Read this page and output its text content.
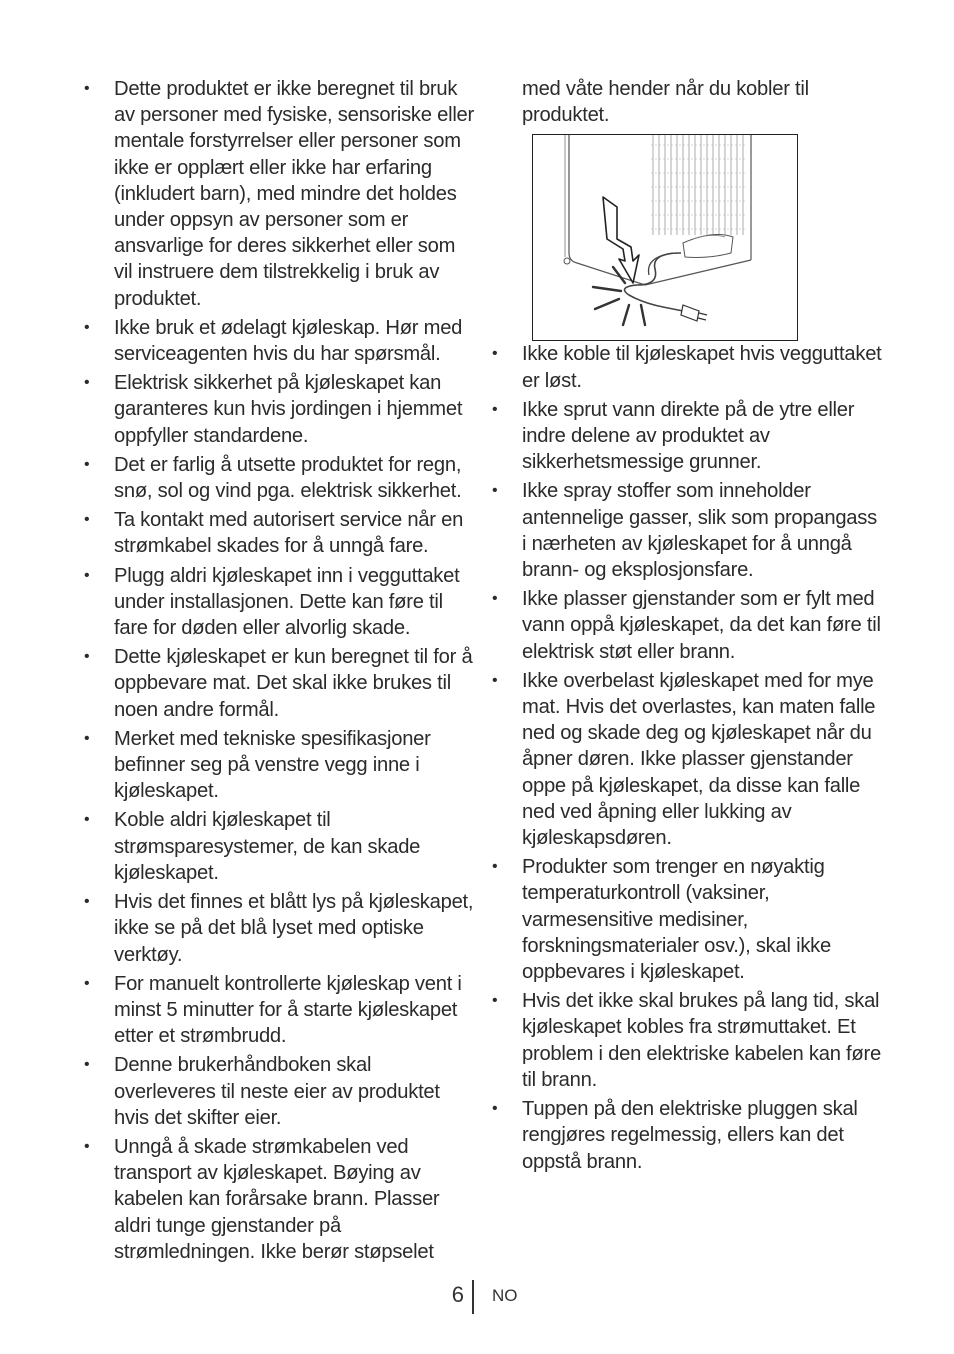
• Dette produktet er ikke beregnet til bruk av personer med fysiske, sensoriske eller mentale forstyrrelser eller personer som ikke er opplært eller ikke har erfaring (inkludert barn), med mindre det holdes under oppsyn av personer som er ansvarlige for deres sikkerhet eller som vil instruere dem tilstrekkelig i bruk av produktet.
• Ikke bruk et ødelagt kjøleskap. Hør med serviceagenten hvis du har spørsmål.
• Elektrisk sikkerhet på kjøleskapet kan garanteres kun hvis jordingen i hjemmet oppfyller standardene.
• Det er farlig å utsette produktet for regn, snø, sol og vind pga. elektrisk sikkerhet.
• Ta kontakt med autorisert service når en strømkabel skades for å unngå fare.
• Plugg aldri kjøleskapet inn i vegguttaket under installasjonen. Dette kan føre til fare for døden eller alvorlig skade.
• Dette kjøleskapet er kun beregnet til for å oppbevare mat. Det skal ikke brukes til noen andre formål.
• Merket med tekniske spesifikasjoner befinner seg på venstre vegg inne i kjøleskapet.
• Koble aldri kjøleskapet til strømsparesystemer, de kan skade kjøleskapet.
• Hvis det finnes et blått lys på kjøleskapet, ikke se på det blå lyset med optiske verktøy.
• For manuelt kontrollerte kjøleskap vent i minst 5 minutter for å starte kjøleskapet etter et strømbrudd.
• Denne brukerhåndboken skal overleveres til neste eier av produktet hvis det skifter eier.
• Unngå å skade strømkabelen ved transport av kjøleskapet. Bøying av kabelen kan forårsake brann. Plasser aldri tunge gjenstander på strømledningen. Ikke berør støpselet
med våte hender når du kobler til produktet.
• Ikke koble til kjøleskapet hvis vegguttaket er løst.
• Ikke sprut vann direkte på de ytre eller indre delene av produktet av sikkerhetsmessige grunner.
• Ikke spray stoffer som inneholder antennelige gasser, slik som propangass i nærheten av kjøleskapet for å unngå brann- og eksplosjonsfare.
• Ikke plasser gjenstander som er fylt med vann oppå kjøleskapet, da det kan føre til elektrisk støt eller brann.
• Ikke overbelast kjøleskapet med for mye mat. Hvis det overlastes, kan maten falle ned og skade deg og kjøleskapet når du åpner døren. Ikke plasser gjenstander oppe på kjøleskapet, da disse kan falle ned ved åpning eller lukking av kjøleskapsdøren.
• Produkter som trenger en nøyaktig temperaturkontroll (vaksiner, varmesensitive medisiner, forskningsmaterialer osv.), skal ikke oppbevares i kjøleskapet.
• Hvis det ikke skal brukes på lang tid, skal kjøleskapet kobles fra strømuttaket. Et problem i den elektriske kabelen kan føre til brann.
• Tuppen på den elektriske pluggen skal rengjøres regelmessig, ellers kan det oppstå brann.
6 NO
